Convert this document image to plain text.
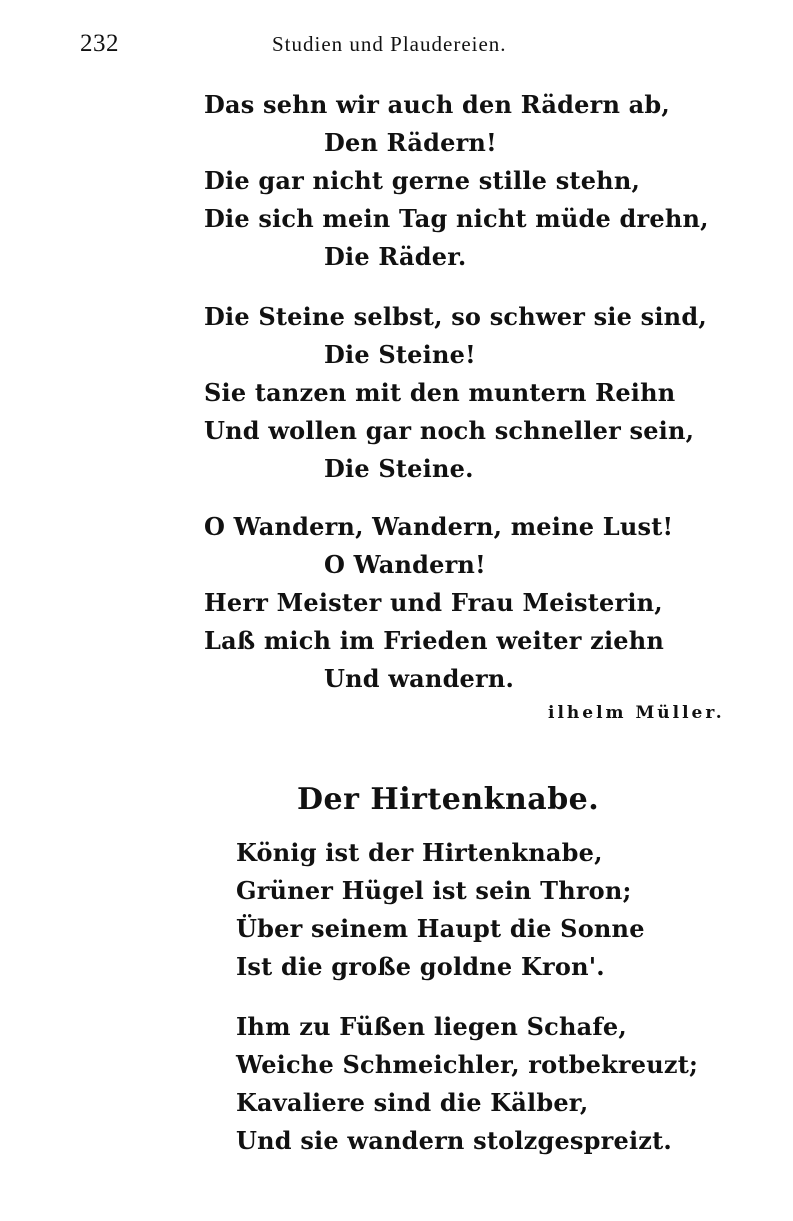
232	Studien und Plaudereien.
Das sehn wir auch den Rädern ab,
Den Rädern!
Die gar nicht gerne stille stehn,
Die sich mein Tag nicht müde drehn,
Die Räder.
Die Steine selbst, so schwer sie sind,
Die Steine!
Sie tanzen mit den muntern Reihn
Und wollen gar noch schneller sein,
Die Steine.
O Wandern, Wandern, meine Lust!
O Wandern!
Herr Meister und Frau Meisterin,
Laß mich im Frieden weiter ziehn
Und wandern.
ilhelm Müller.
Der Hirtenknabe.
König ist der Hirtenknabe,
Grüner Hügel ist sein Thron;
Über seinem Haupt die Sonne
Ist die große goldne Kron'.
Ihm zu Füßen liegen Schafe,
Weiche Schmeichler, rotbekreuzt;
Kavaliere sind die Kälber,
Und sie wandern stolzgespreizt.
